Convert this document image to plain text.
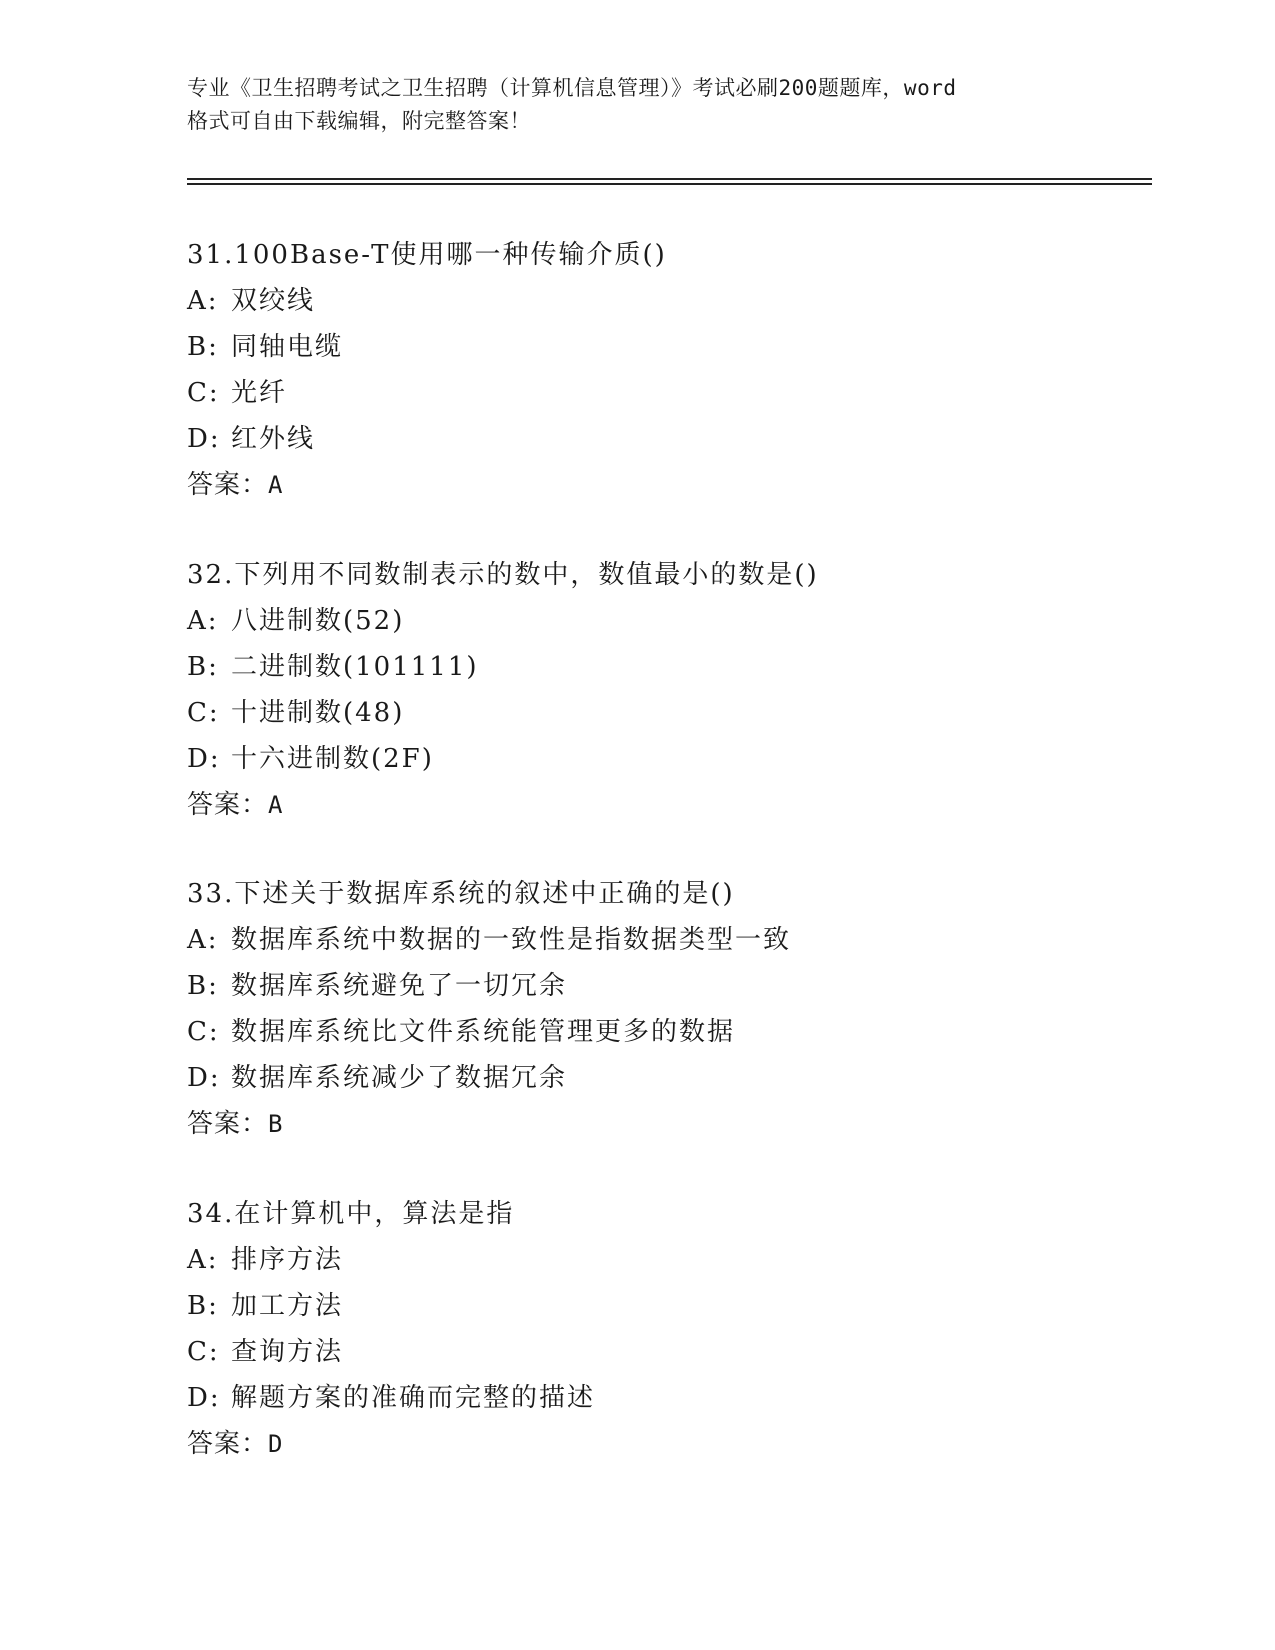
专业《卫生招聘考试之卫生招聘（计算机信息管理）》考试必刷200题题库，word
格式可自由下载编辑，附完整答案！
31.100Base-T使用哪一种传输介质()
A: 双绞线
B: 同轴电缆
C: 光纤
D: 红外线
答案：A
32.下列用不同数制表示的数中，数值最小的数是()
A: 八进制数(52)
B: 二进制数(101111)
C: 十进制数(48)
D: 十六进制数(2F)
答案：A
33.下述关于数据库系统的叙述中正确的是()
A: 数据库系统中数据的一致性是指数据类型一致
B: 数据库系统避免了一切冗余
C: 数据库系统比文件系统能管理更多的数据
D: 数据库系统减少了数据冗余
答案：B
34.在计算机中，算法是指
A: 排序方法
B: 加工方法
C: 查询方法
D: 解题方案的准确而完整的描述
答案：D
